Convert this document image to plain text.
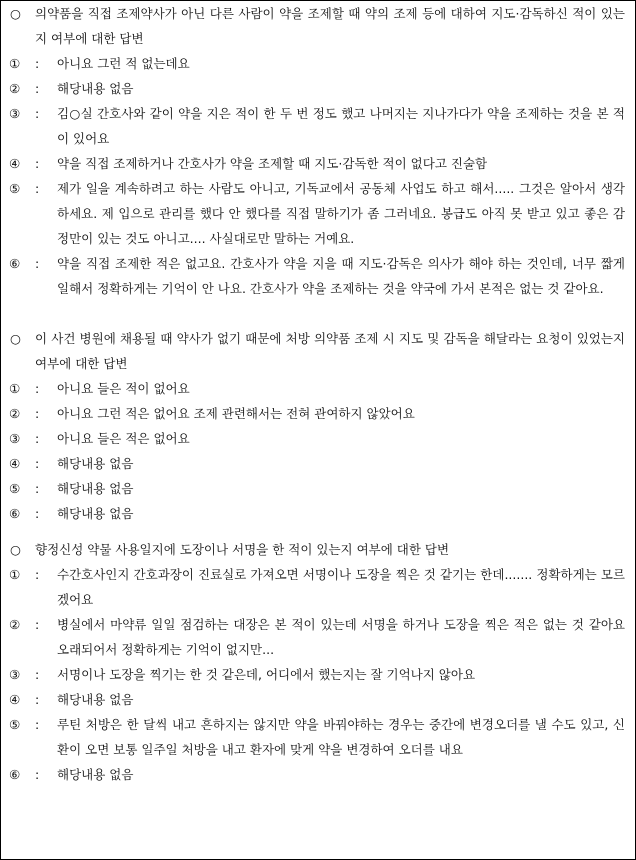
○ 의약품을 직접 조제약사가 아닌 다른 사람이 약을 조제할 때 약의 조제 등에 대하여 지도·감독하신 적이 있는지 여부에 대한 답변
① : 아니요 그런 적 없는데요
② : 해당내용 없음
③ : 김○실 간호사와 같이 약을 지은 적이 한 두 번 정도 했고 나머지는 지나가다가 약을 조제하는 것을 본 적이 있어요
④ : 약을 직접 조제하거나 간호사가 약을 조제할 때 지도·감독한 적이 없다고 진술함
⑤ : 제가 일을 계속하려고 하는 사람도 아니고, 기독교에서 공동체 사업도 하고 해서..... 그것은 알아서 생각하세요. 제 입으로 관리를 했다 안 했다를 직접 말하기가 좀 그러네요. 봉급도 아직 못 받고 있고 좋은 감정만이 있는 것도 아니고.... 사실대로만 말하는 거예요.
⑥ : 약을 직접 조제한 적은 없고요. 간호사가 약을 지을 때 지도·감독은 의사가 해야 하는 것인데, 너무 짧게 일해서 정확하게는 기억이 안 나요. 간호사가 약을 조제하는 것을 약국에 가서 본적은 없는 것 같아요.
○ 이 사건 병원에 채용될 때 약사가 없기 때문에 처방 의약품 조제 시 지도 및 감독을 해달라는 요청이 있었는지 여부에 대한 답변
① : 아니요 들은 적이 없어요
② : 아니요 그런 적은 없어요 조제 관련해서는 전혀 관여하지 않았어요
③ : 아니요 들은 적은 없어요
④ : 해당내용 없음
⑤ : 해당내용 없음
⑥ : 해당내용 없음
○ 향정신성 약물 사용일지에 도장이나 서명을 한 적이 있는지 여부에 대한 답변
① : 수간호사인지 간호과장이 진료실로 가져오면 서명이나 도장을 찍은 것 같기는 한데....... 정확하게는 모르겠어요
② : 병실에서 마약류 일일 점검하는 대장은 본 적이 있는데 서명을 하거나 도장을 찍은 적은 없는 것 같아요 오래되어서 정확하게는 기억이 없지만...
③ : 서명이나 도장을 찍기는 한 것 같은데, 어디에서 했는지는 잘 기억나지 않아요
④ : 해당내용 없음
⑤ : 루틴 처방은 한 달씩 내고 흔하지는 않지만 약을 바꿔야하는 경우는 중간에 변경오더를 낼 수도 있고, 신환이 오면 보통 일주일 처방을 내고 환자에 맞게 약을 변경하여 오더를 내요
⑥ : 해당내용 없음
